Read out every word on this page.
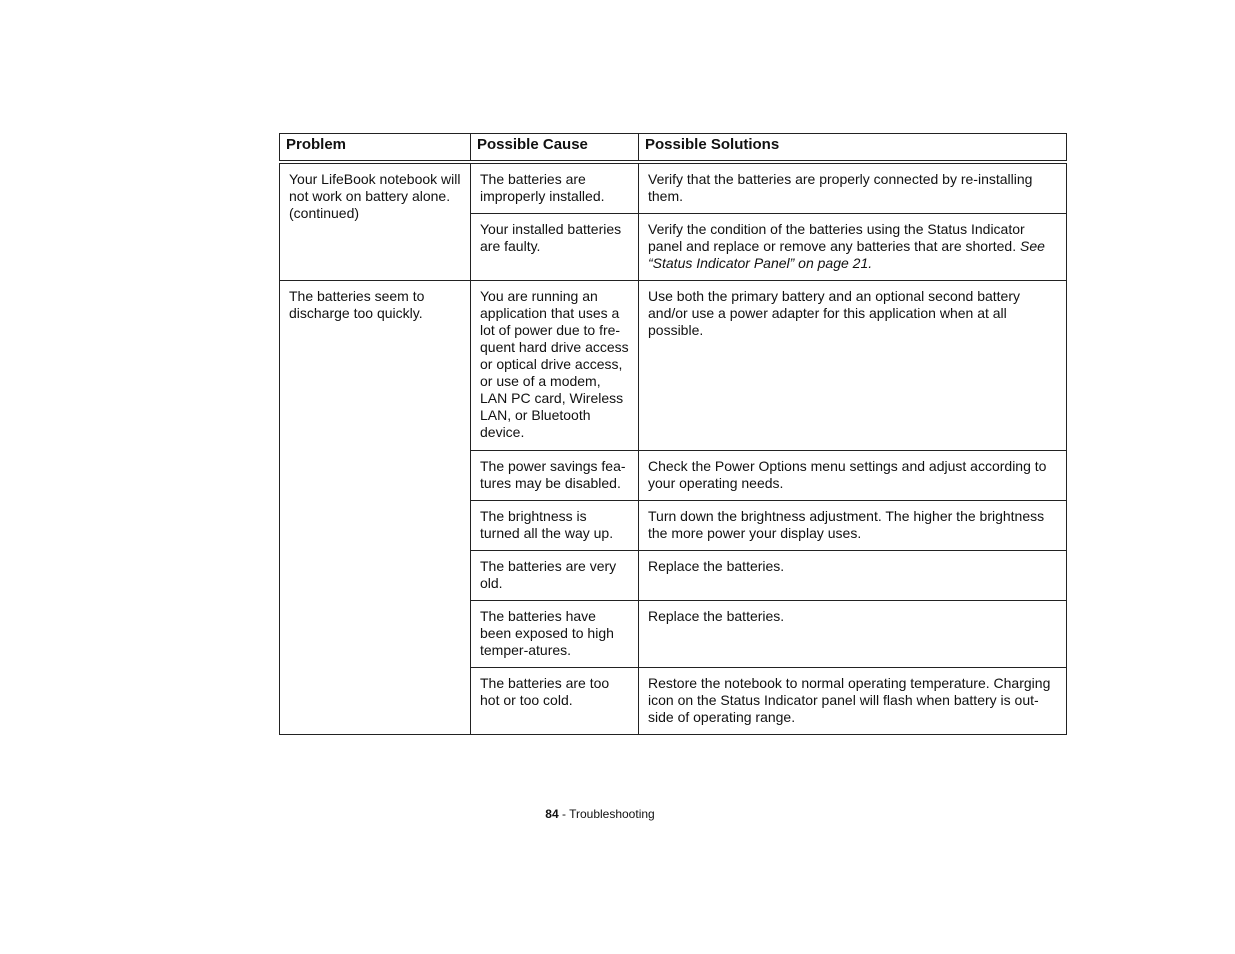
Problem	Possible Cause	Possible Solutions

Your LifeBook notebook will not work on battery alone. (continued)	The batteries are improperly installed.	Verify that the batteries are properly connected by re-installing them.

	Your installed batteries are faulty.	Verify the condition of the batteries using the Status Indicator panel and replace or remove any batteries that are shorted. See “Status Indicator Panel” on page 21.

The batteries seem to discharge too quickly.	You are running an application that uses a lot of power due to fre-quent hard drive access or optical drive access, or use of a modem, LAN PC card, Wireless LAN, or Bluetooth device.	Use both the primary battery and an optional second battery and/or use a power adapter for this application when at all possible.

	The power savings fea-tures may be disabled.	Check the Power Options menu settings and adjust according to your operating needs.

	The brightness is turned all the way up.	Turn down the brightness adjustment. The higher the brightness the more power your display uses.

	The batteries are very old.	Replace the batteries.

	The batteries have been exposed to high temper-atures.	Replace the batteries.

	The batteries are too hot or too cold.	Restore the notebook to normal operating temperature. Charging icon on the Status Indicator panel will flash when battery is out-side of operating range.
84 - Troubleshooting
